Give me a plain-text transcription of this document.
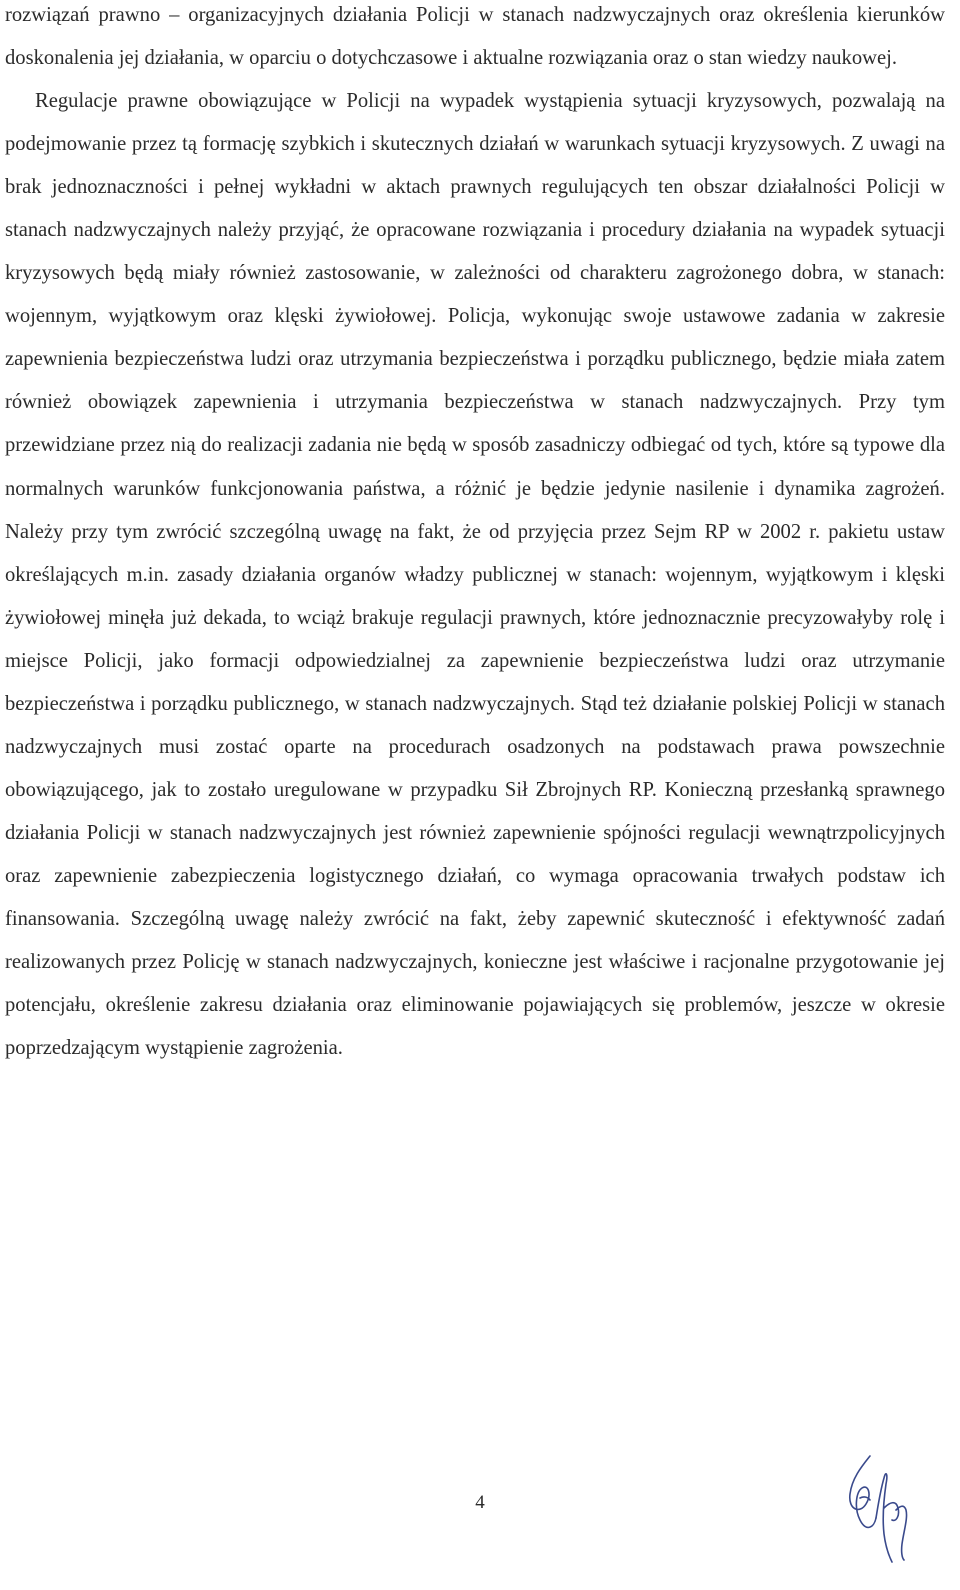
rozwiązań prawno – organizacyjnych działania Policji w stanach nadzwyczajnych oraz określenia kierunków doskonalenia jej działania, w oparciu o dotychczasowe i aktualne rozwiązania oraz o stan wiedzy naukowej.

Regulacje prawne obowiązujące w Policji na wypadek wystąpienia sytuacji kryzysowych, pozwalają na podejmowanie przez tą formację szybkich i skutecznych działań w warunkach sytuacji kryzysowych. Z uwagi na brak jednoznaczności i pełnej wykładni w aktach prawnych regulujących ten obszar działalności Policji w stanach nadzwyczajnych należy przyjąć, że opracowane rozwiązania i procedury działania na wypadek sytuacji kryzysowych będą miały również zastosowanie, w zależności od charakteru zagrożonego dobra, w stanach: wojennym, wyjątkowym oraz klęski żywiołowej. Policja, wykonując swoje ustawowe zadania w zakresie zapewnienia bezpieczeństwa ludzi oraz utrzymania bezpieczeństwa i porządku publicznego, będzie miała zatem również obowiązek zapewnienia i utrzymania bezpieczeństwa w stanach nadzwyczajnych. Przy tym przewidziane przez nią do realizacji zadania nie będą w sposób zasadniczy odbiegać od tych, które są typowe dla normalnych warunków funkcjonowania państwa, a różnić je będzie jedynie nasilenie i dynamika zagrożeń. Należy przy tym zwrócić szczególną uwagę na fakt, że od przyjęcia przez Sejm RP w 2002 r. pakietu ustaw określających m.in. zasady działania organów władzy publicznej w stanach: wojennym, wyjątkowym i klęski żywiołowej minęła już dekada, to wciąż brakuje regulacji prawnych, które jednoznacznie precyzowałyby rolę i miejsce Policji, jako formacji odpowiedzialnej za zapewnienie bezpieczeństwa ludzi oraz utrzymanie bezpieczeństwa i porządku publicznego, w stanach nadzwyczajnych. Stąd też działanie polskiej Policji w stanach nadzwyczajnych musi zostać oparte na procedurach osadzonych na podstawach prawa powszechnie obowiązującego, jak to zostało uregulowane w przypadku Sił Zbrojnych RP. Konieczną przesłanką sprawnego działania Policji w stanach nadzwyczajnych jest również zapewnienie spójności regulacji wewnątrzpolicyjnych oraz zapewnienie zabezpieczenia logistycznego działań, co wymaga opracowania trwałych podstaw ich finansowania. Szczególną uwagę należy zwrócić na fakt, żeby zapewnić skuteczność i efektywność zadań realizowanych przez Policję w stanach nadzwyczajnych, konieczne jest właściwe i racjonalne przygotowanie jej potencjału, określenie zakresu działania oraz eliminowanie pojawiających się problemów, jeszcze w okresie poprzedzającym wystąpienie zagrożenia.

4
